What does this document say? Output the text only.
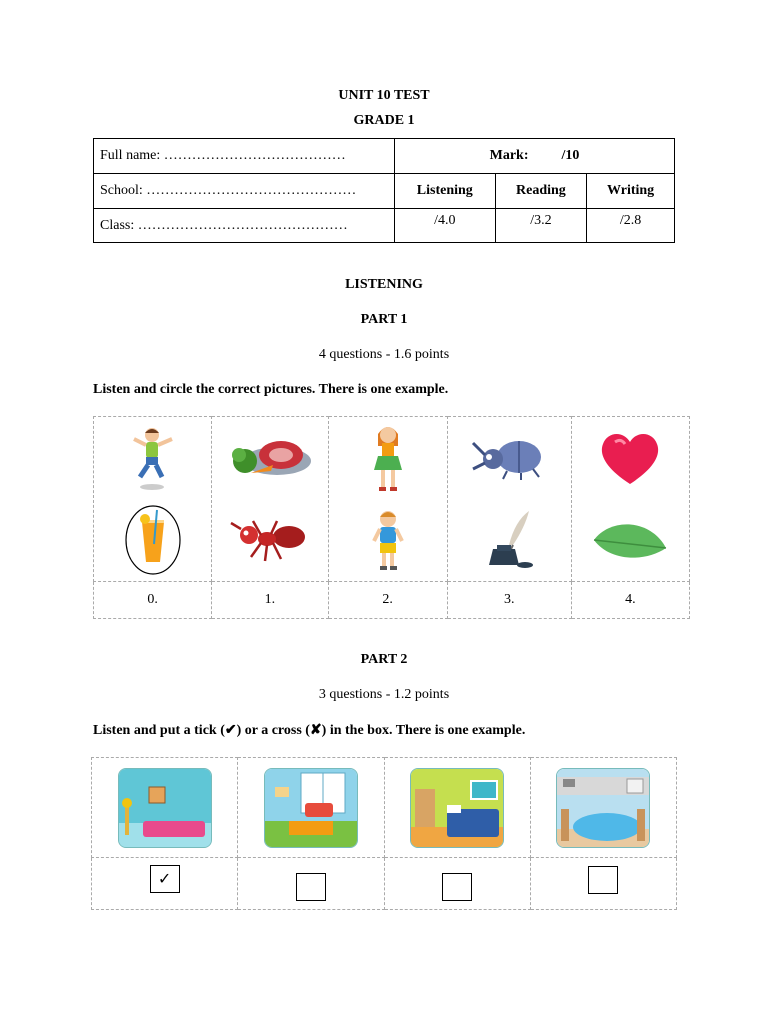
UNIT 10 TEST
GRADE 1
Full name: …………………………………	Mark: /10		
School: ………………………………………	Listening	Reading	Writing
Class: ………………………………………	/4.0	/3.2	/2.8
LISTENING
PART 1
4 questions - 1.6 points
Listen and circle the correct pictures. There is one example.

0.	1.	2.	3.	4.
PART 2
3 questions - 1.2 points
Listen and put a tick (✔) or a cross (✘) in the box. There is one example.

✓			
